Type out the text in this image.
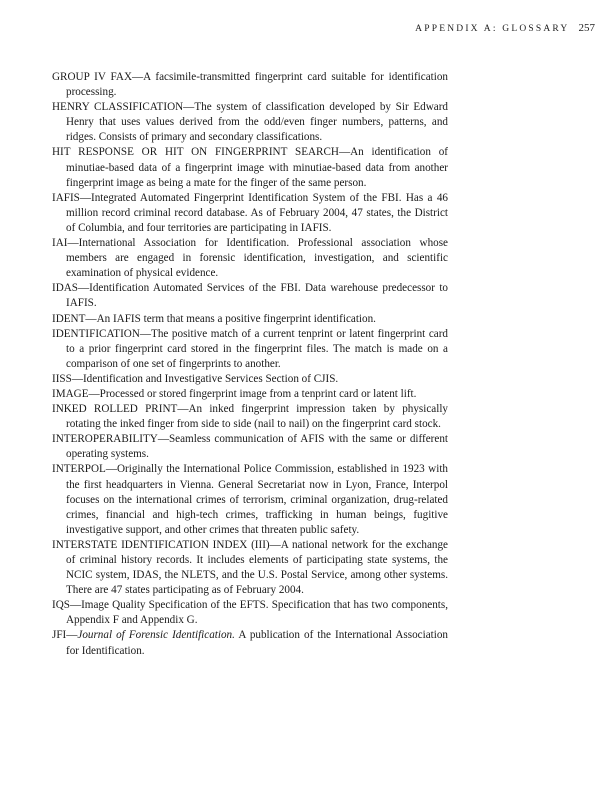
APPENDIX A: GLOSSARY 257

GROUP IV FAX—A facsimile-transmitted fingerprint card suitable for identification processing.

HENRY CLASSIFICATION—The system of classification developed by Sir Edward Henry that uses values derived from the odd/even finger numbers, patterns, and ridges. Consists of primary and secondary classifications.

HIT RESPONSE OR HIT ON FINGERPRINT SEARCH—An identification of minutiae-based data of a fingerprint image with minutiae-based data from another fingerprint image as being a mate for the finger of the same person.

IAFIS—Integrated Automated Fingerprint Identification System of the FBI. Has a 46 million record criminal record database. As of February 2004, 47 states, the District of Columbia, and four territories are participating in IAFIS.

IAI—International Association for Identification. Professional association whose members are engaged in forensic identification, investigation, and scientific examination of physical evidence.

IDAS—Identification Automated Services of the FBI. Data warehouse predecessor to IAFIS.

IDENT—An IAFIS term that means a positive fingerprint identification.

IDENTIFICATION—The positive match of a current tenprint or latent fingerprint card to a prior fingerprint card stored in the fingerprint files. The match is made on a comparison of one set of fingerprints to another.

IISS—Identification and Investigative Services Section of CJIS.

IMAGE—Processed or stored fingerprint image from a tenprint card or latent lift.

INKED ROLLED PRINT—An inked fingerprint impression taken by physically rotating the inked finger from side to side (nail to nail) on the fingerprint card stock.

INTEROPERABILITY—Seamless communication of AFIS with the same or different operating systems.

INTERPOL—Originally the International Police Commission, established in 1923 with the first headquarters in Vienna. General Secretariat now in Lyon, France, Interpol focuses on the international crimes of terrorism, criminal organization, drug-related crimes, financial and high-tech crimes, trafficking in human beings, fugitive investigative support, and other crimes that threaten public safety.

INTERSTATE IDENTIFICATION INDEX (III)—A national network for the exchange of criminal history records. It includes elements of participating state systems, the NCIC system, IDAS, the NLETS, and the U.S. Postal Service, among other systems. There are 47 states participating as of February 2004.

IQS—Image Quality Specification of the EFTS. Specification that has two components, Appendix F and Appendix G.

JFI—Journal of Forensic Identification. A publication of the International Association for Identification.
